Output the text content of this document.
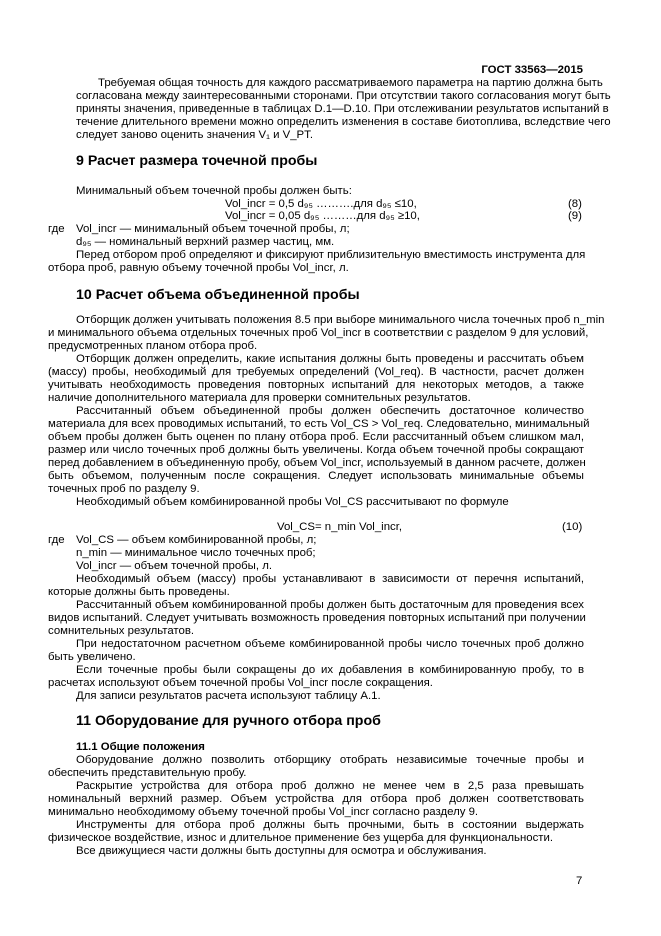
ГОСТ 33563—2015
Требуемая общая точность для каждого рассматриваемого параметра на партию должна быть
согласована между заинтересованными сторонами. При отсутствии такого согласования могут быть
приняты значения, приведенные в таблицах D.1—D.10. При отслеживании результатов испытаний в
течение длительного времени можно определить изменения в составе биотоплива, вследствие чего
следует заново оценить значения V₁ и V_PT.
9 Расчет размера точечной пробы
Минимальный объем точечной пробы должен быть:
Vol_incr = 0,5 d₉₅ ……….для d₉₅ ≤10,	(8)
Vol_incr = 0,05 d₉₅ ………для d₉₅ ≥10,	(9)
где Vol_incr — минимальный объем точечной пробы, л;
d₉₅ — номинальный верхний размер частиц, мм.
Перед отбором проб определяют и фиксируют приблизительную вместимость инструмента для
отбора проб, равную объему точечной пробы Vol_incr, л.
10 Расчет объема объединенной пробы
Отборщик должен учитывать положения 8.5 при выборе минимального числа точечных проб n_min
и минимального объема отдельных точечных проб Vol_incr в соответствии с разделом 9 для условий,
предусмотренных планом отбора проб.
Отборщик должен определить, какие испытания должны быть проведены и рассчитать объем
(массу) пробы, необходимый для требуемых определений (Vol_req). В частности, расчет должен
учитывать необходимость проведения повторных испытаний для некоторых методов, а также
наличие дополнительного материала для проверки сомнительных результатов.
Рассчитанный объем объединенной пробы должен обеспечить достаточное количество
материала для всех проводимых испытаний, то есть Vol_CS > Vol_req. Следовательно, минимальный
объем пробы должен быть оценен по плану отбора проб. Если рассчитанный объем слишком мал,
размер или число точечных проб должны быть увеличены. Когда объем точечной пробы сокращают
перед добавлением в объединенную пробу, объем Vol_incr, используемый в данном расчете, должен
быть объемом, полученным после сокращения. Следует использовать минимальные объемы
точечных проб по разделу 9.
Необходимый объем комбинированной пробы Vol_CS рассчитывают по формуле
Vol_CS= n_min Vol_incr,	(10)
где Vol_CS — объем комбинированной пробы, л;
n_min — минимальное число точечных проб;
Vol_incr — объем точечной пробы, л.
Необходимый объем (массу) пробы устанавливают в зависимости от перечня испытаний,
которые должны быть проведены.
Рассчитанный объем комбинированной пробы должен быть достаточным для проведения всех
видов испытаний. Следует учитывать возможность проведения повторных испытаний при получении
сомнительных результатов.
При недостаточном расчетном объеме комбинированной пробы число точечных проб должно
быть увеличено.
Если точечные пробы были сокращены до их добавления в комбинированную пробу, то в
расчетах используют объем точечной пробы Vol_incr после сокращения.
Для записи результатов расчета используют таблицу А.1.
11 Оборудование для ручного отбора проб
11.1 Общие положения
Оборудование должно позволить отборщику отобрать независимые точечные пробы и
обеспечить представительную пробу.
Раскрытие устройства для отбора проб должно не менее чем в 2,5 раза превышать
номинальный верхний размер. Объем устройства для отбора проб должен соответствовать
минимально необходимому объему точечной пробы Vol_incr согласно разделу 9.
Инструменты для отбора проб должны быть прочными, быть в состоянии выдержать
физическое воздействие, износ и длительное применение без ущерба для функциональности.
Все движущиеся части должны быть доступны для осмотра и обслуживания.
7
